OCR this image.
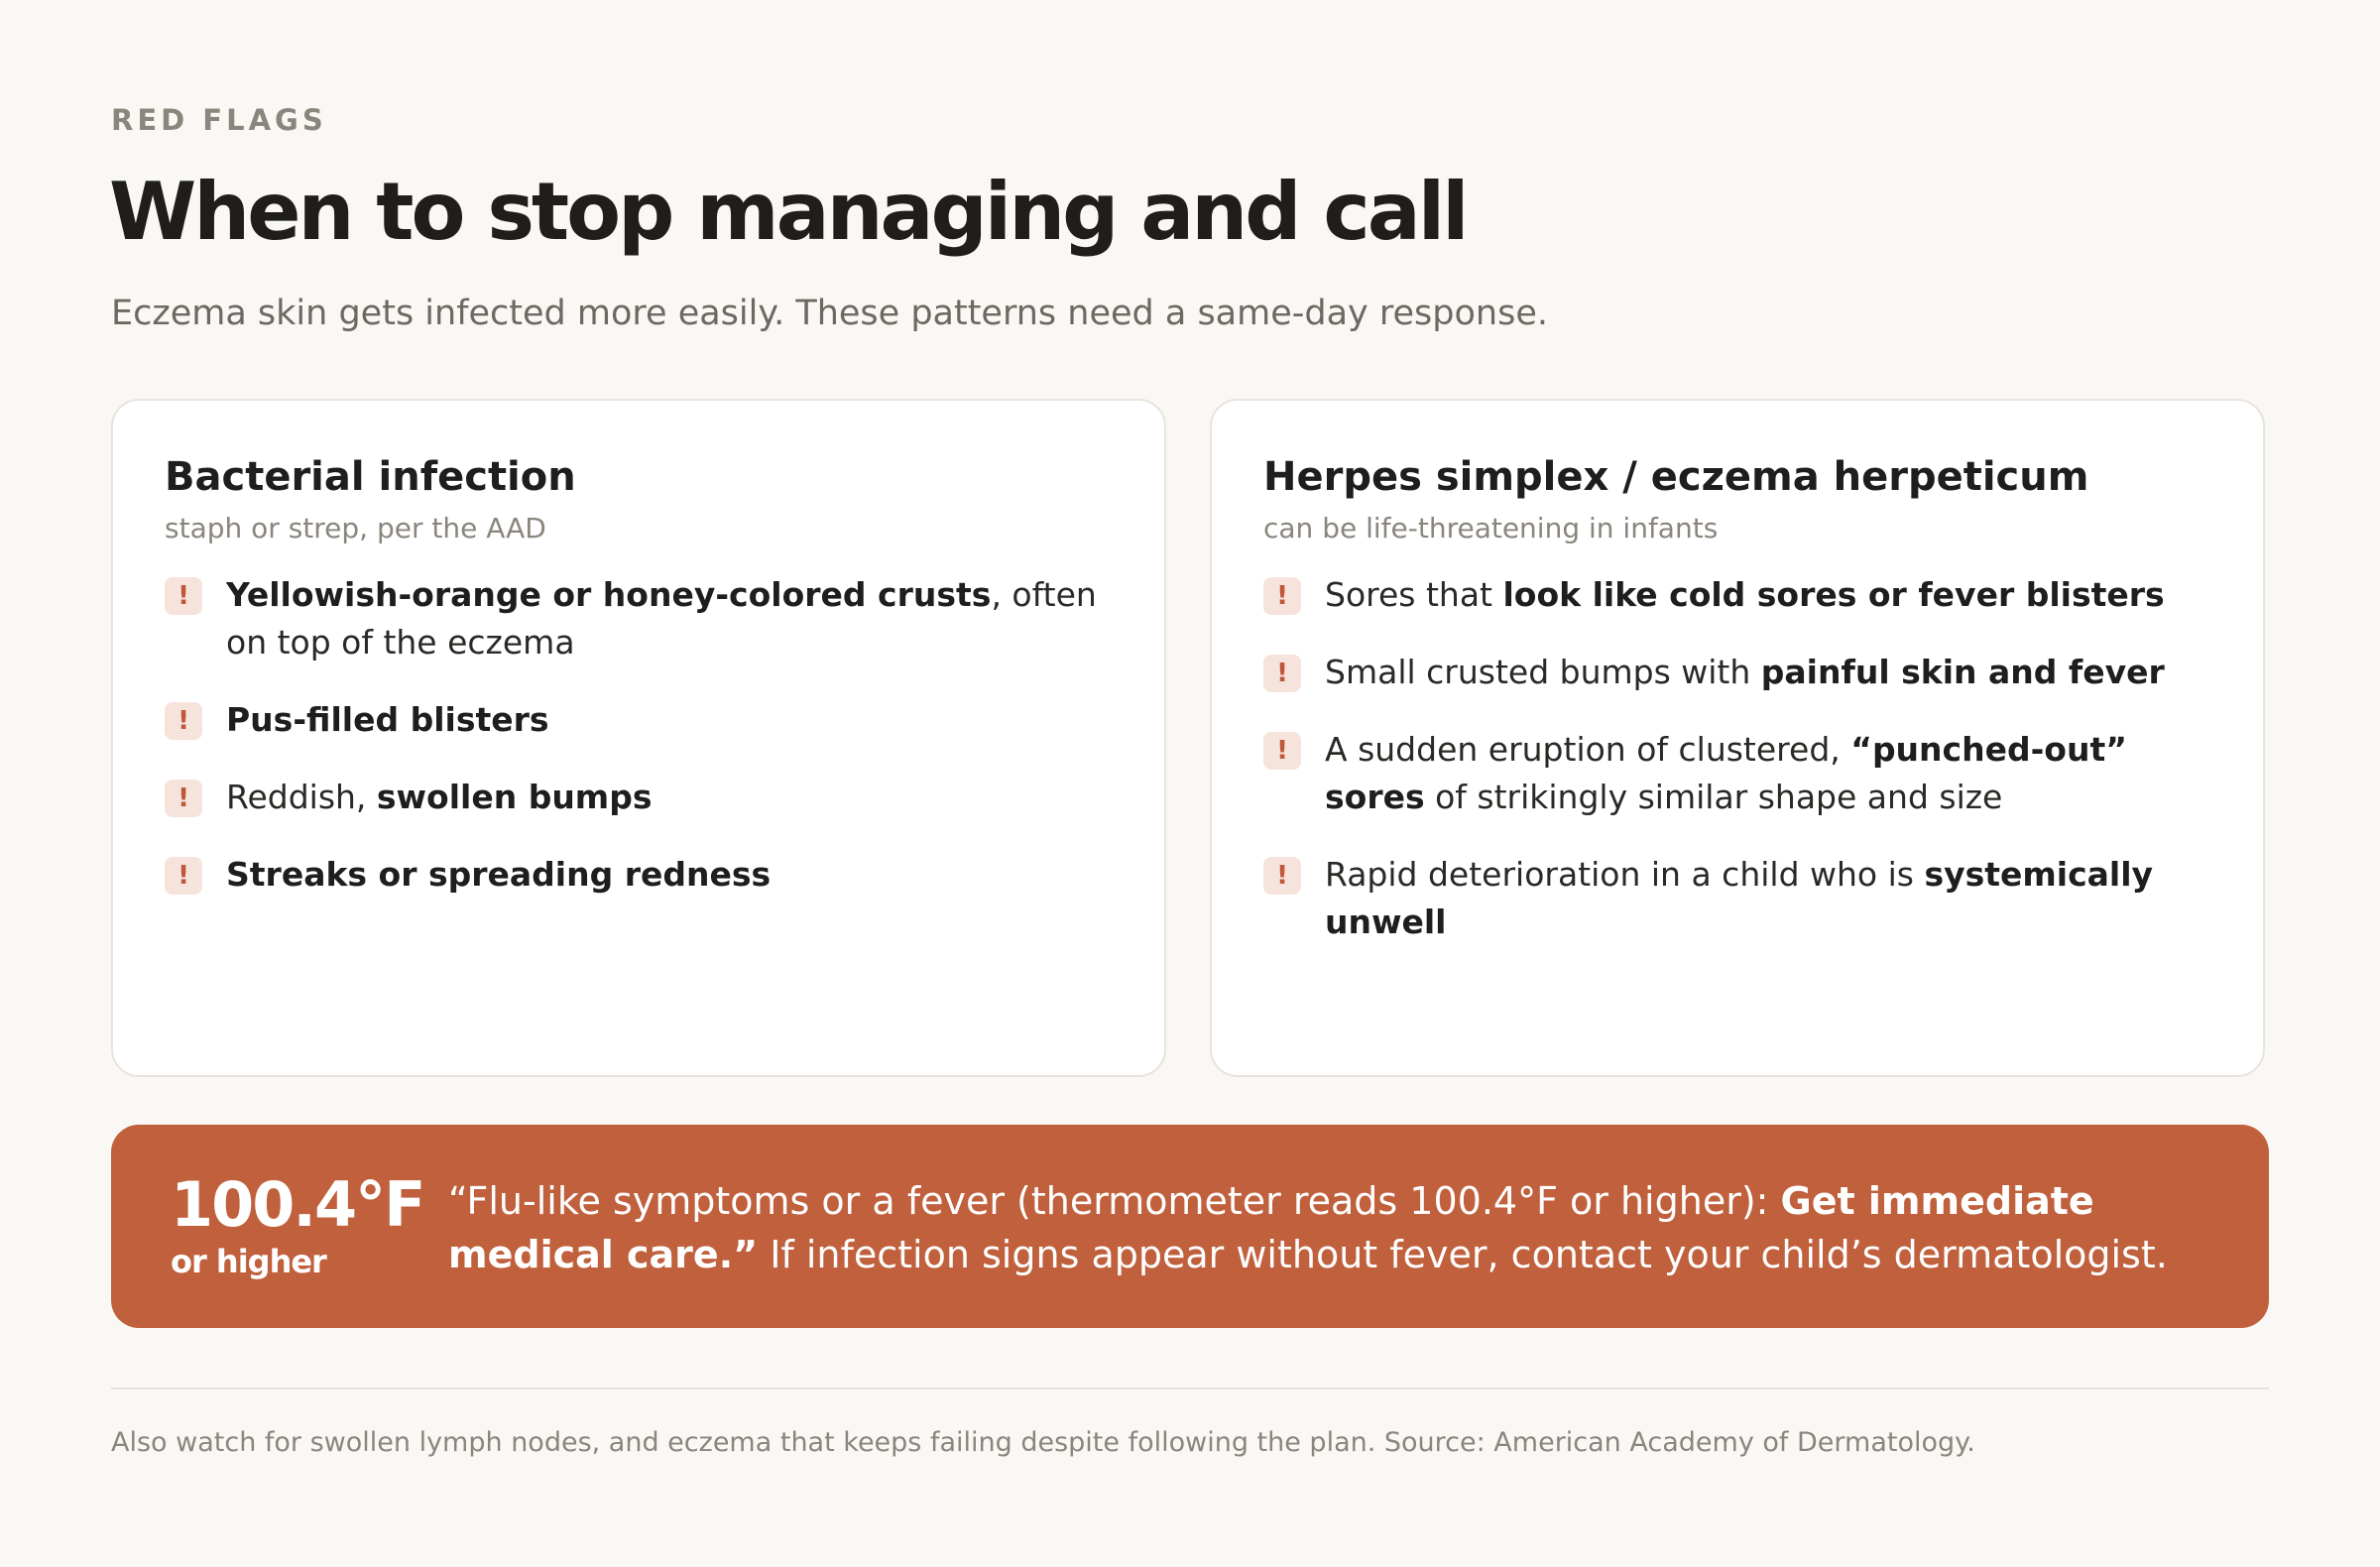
RED FLAGS
When to stop managing and call
Eczema skin gets infected more easily. These patterns need a same-day response.
Bacterial infection
staph or strep, per the AAD
!	Yellowish-orange or honey-colored crusts, often on top of the eczema
!	Pus-filled blisters
!	Reddish, swollen bumps
!	Streaks or spreading redness
Herpes simplex / eczema herpeticum
can be life-threatening in infants
!	Sores that look like cold sores or fever blisters
!	Small crusted bumps with painful skin and fever
!	A sudden eruption of clustered, “punched-out” sores of strikingly similar shape and size
!	Rapid deterioration in a child who is systemically unwell
100.4°F
or higher
“Flu-like symptoms or a fever (thermometer reads 100.4°F or higher): Get immediate medical care.” If infection signs appear without fever, contact your child’s dermatologist.
Also watch for swollen lymph nodes, and eczema that keeps failing despite following the plan. Source: American Academy of Dermatology.
